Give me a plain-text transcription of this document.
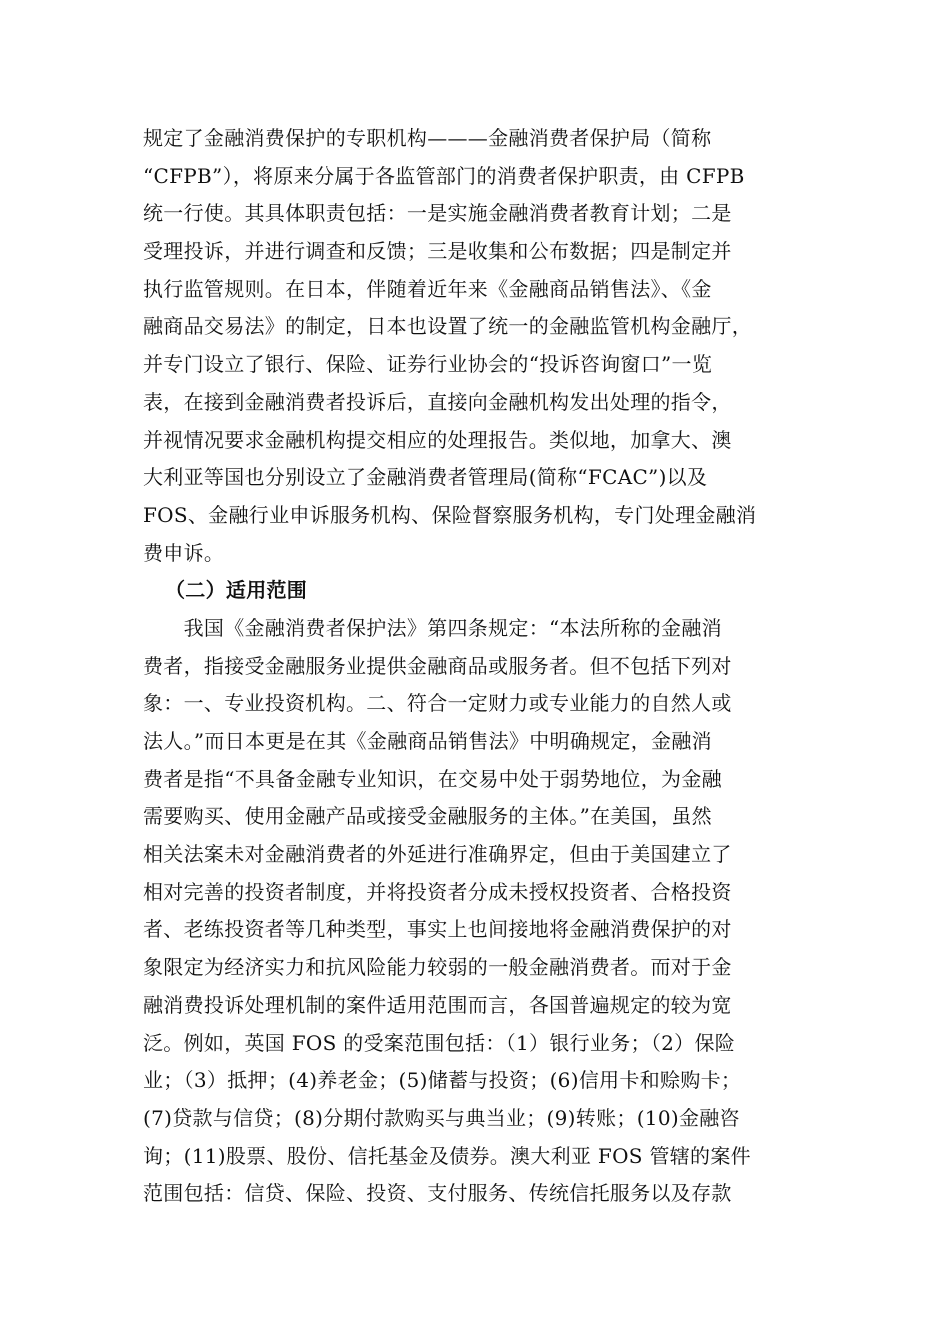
规定了金融消费保护的专职机构———金融消费者保护局（简称
“CFPB”），将原来分属于各监管部门的消费者保护职责，由 CFPB
统一行使。其具体职责包括：一是实施金融消费者教育计划；二是
受理投诉，并进行调查和反馈；三是收集和公布数据；四是制定并
执行监管规则。在日本，伴随着近年来《金融商品销售法》、《金
融商品交易法》的制定，日本也设置了统一的金融监管机构金融厅，
并专门设立了银行、保险、证券行业协会的“投诉咨询窗口”一览
表，在接到金融消费者投诉后，直接向金融机构发出处理的指令，
并视情况要求金融机构提交相应的处理报告。类似地，加拿大、澳
大利亚等国也分别设立了金融消费者管理局(简称“FCAC”)以及
FOS、金融行业申诉服务机构、保险督察服务机构，专门处理金融消
费申诉。
（二）适用范围
　　我国《金融消费者保护法》第四条规定：“本法所称的金融消
费者，指接受金融服务业提供金融商品或服务者。但不包括下列对
象：一、专业投资机构。二、符合一定财力或专业能力的自然人或
法人。”而日本更是在其《金融商品销售法》中明确规定，金融消
费者是指“不具备金融专业知识，在交易中处于弱势地位，为金融
需要购买、使用金融产品或接受金融服务的主体。”在美国，虽然
相关法案未对金融消费者的外延进行准确界定，但由于美国建立了
相对完善的投资者制度，并将投资者分成未授权投资者、合格投资
者、老练投资者等几种类型，事实上也间接地将金融消费保护的对
象限定为经济实力和抗风险能力较弱的一般金融消费者。而对于金
融消费投诉处理机制的案件适用范围而言，各国普遍规定的较为宽
泛。例如，英国 FOS 的受案范围包括：（1）银行业务；（2）保险
业；（3）抵押；(4)养老金；(5)储蓄与投资；(6)信用卡和赊购卡；
(7)贷款与信贷；(8)分期付款购买与典当业；(9)转账；(10)金融咨
询；(11)股票、股份、信托基金及债券。澳大利亚 FOS 管辖的案件
范围包括：信贷、保险、投资、支付服务、传统信托服务以及存款
